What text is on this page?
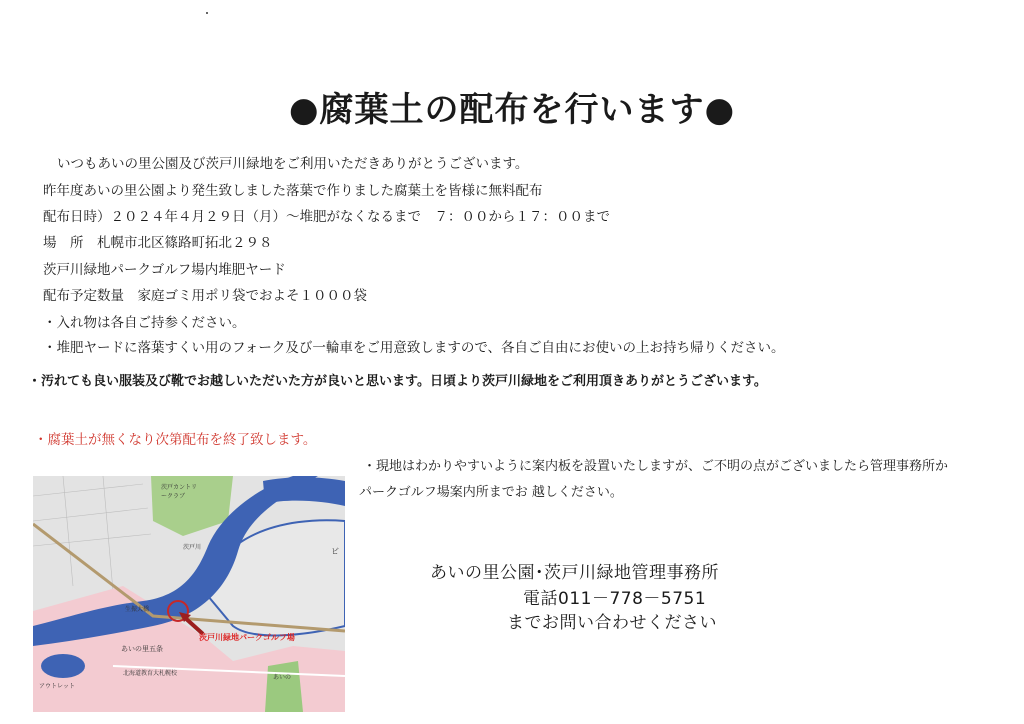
●腐葉土の配布を行います●
いつもあいの里公園及び茨戸川緑地をご利用いただきありがとうございます。
昨年度あいの里公園より発生致しました落葉で作りました腐葉土を皆様に無料配布
配布日時）２０２４年４月２９日（月）～堆肥がなくなるまで　７：００から１７：００まで
場　所　札幌市北区篠路町拓北２９８
茨戸川緑地パークゴルフ場内堆肥ヤード
配布予定数量　家庭ゴミ用ポリ袋でおよそ１０００袋
・入れ物は各自ご持参ください。
・堆肥ヤードに落葉すくい用のフォーク及び一輪車をご用意致しますので、各自ご自由にお使いの上お持ち帰りください。
・汚れても良い服装及び靴でお越しいただいた方が良いと思います。日頃より茨戸川緑地をご利用頂きありがとうございます。
・腐葉土が無くなり次第配布を終了致します。
・現地はわかりやすいように案内板を設置いたしますが、ご不明の点がございましたら管理事務所か
パークゴルフ場案内所までお 越しください。
あいの里公園･茨戸川緑地管理事務所
電話011－778－5751
までお問い合わせください
茨戸カントリークラブ
茨戸川
生振大橋
茨戸川緑地パークゴルフ場
あいの里五条
北海道教育大札幌校
アウトレット
あいの
ビ
